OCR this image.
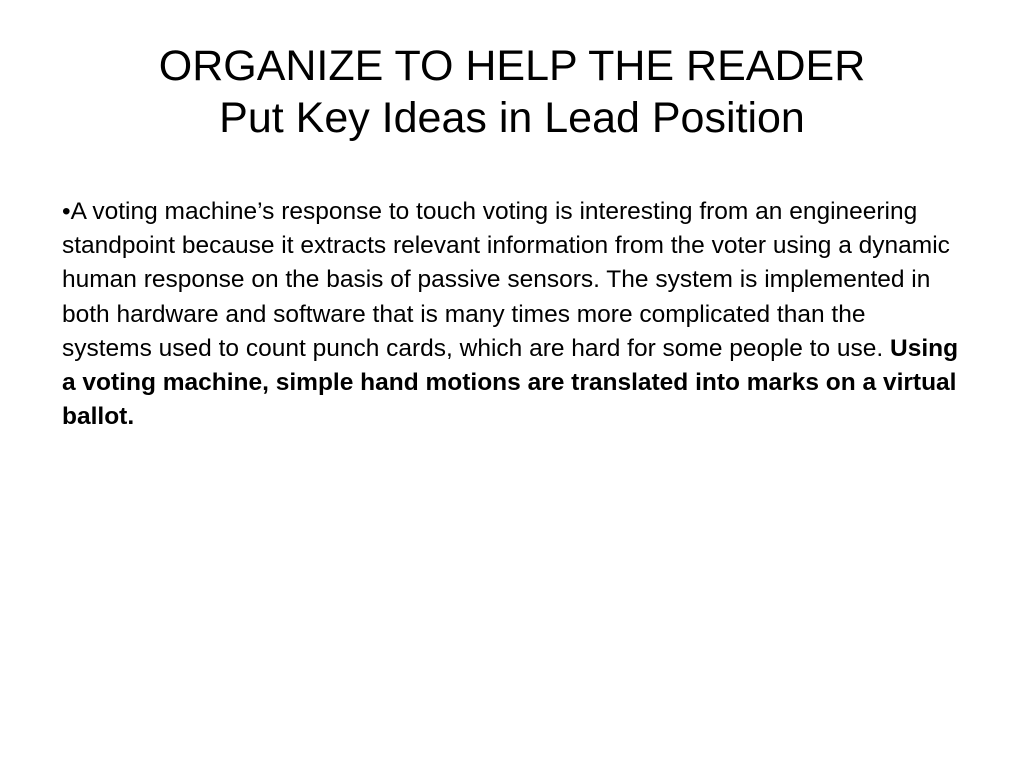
ORGANIZE TO HELP THE READER
Put Key Ideas in Lead Position

•A voting machine’s response to touch voting is interesting from an engineering standpoint because it extracts relevant information from the voter using a dynamic human response on the basis of passive sensors. The system is implemented in both hardware and software that is many times more complicated than the systems used to count punch cards, which are hard for some people to use. Using a voting machine, simple hand motions are translated into marks on a virtual ballot.
